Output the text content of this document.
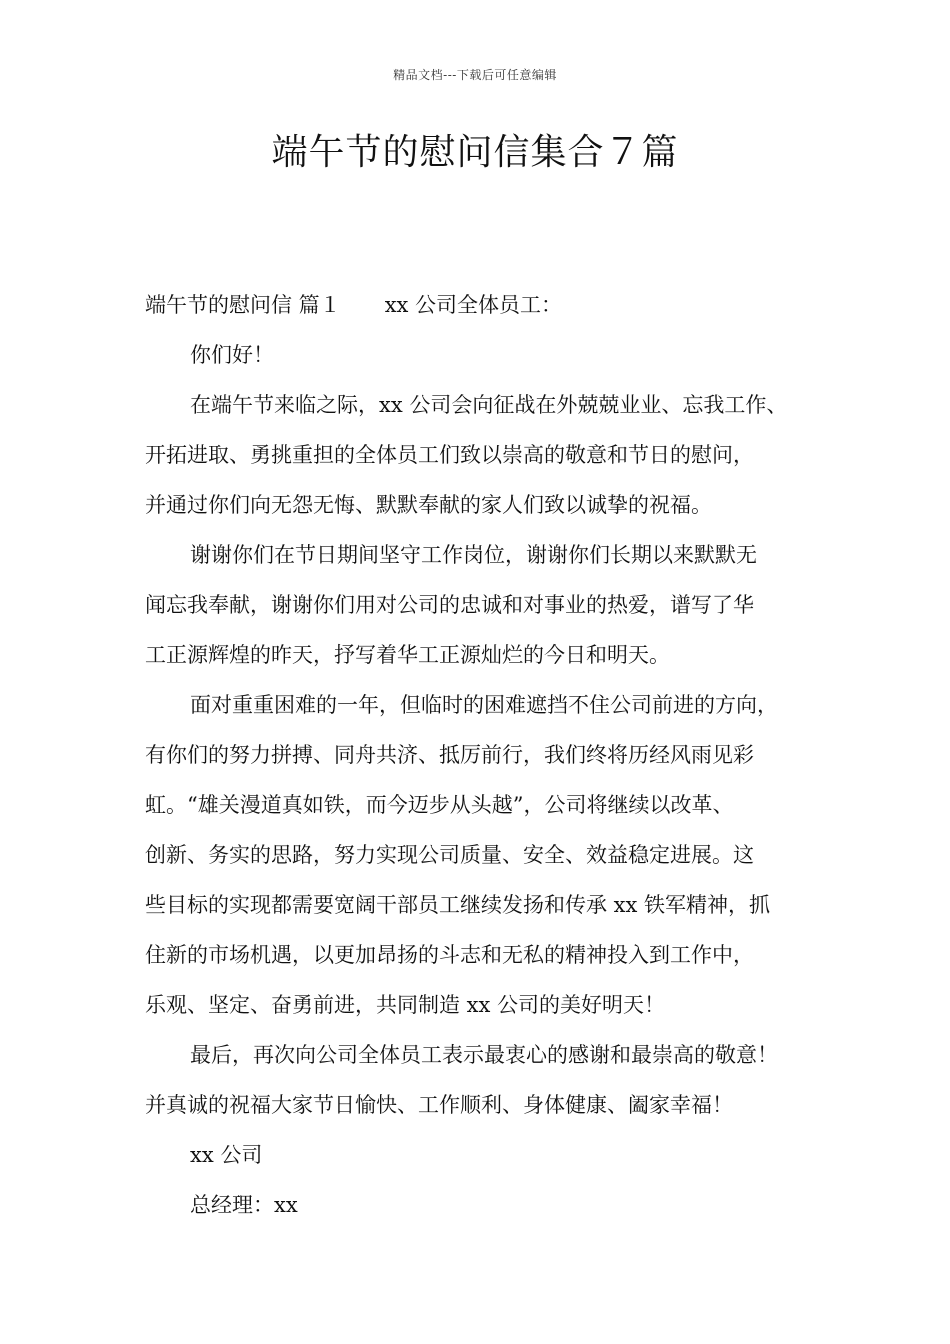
精品文档---下载后可任意编辑
端午节的慰问信集合７篇
端午节的慰问信 篇１ xx 公司全体员工：
你们好！
在端午节来临之际，xx 公司会向征战在外兢兢业业、忘我工作、
开拓进取、勇挑重担的全体员工们致以崇高的敬意和节日的慰问，
并通过你们向无怨无悔、默默奉献的家人们致以诚挚的祝福。
谢谢你们在节日期间坚守工作岗位，谢谢你们长期以来默默无
闻忘我奉献，谢谢你们用对公司的忠诚和对事业的热爱，谱写了华
工正源辉煌的昨天，抒写着华工正源灿烂的今日和明天。
面对重重困难的一年，但临时的困难遮挡不住公司前进的方向，
有你们的努力拼搏、同舟共济、抵厉前行，我们终将历经风雨见彩
虹。“雄关漫道真如铁，而今迈步从头越”，公司将继续以改革、
创新、务实的思路，努力实现公司质量、安全、效益稳定进展。这
些目标的实现都需要宽阔干部员工继续发扬和传承 xx 铁军精神，抓
住新的市场机遇，以更加昂扬的斗志和无私的精神投入到工作中，
乐观、坚定、奋勇前进，共同制造 xx 公司的美好明天！
最后，再次向公司全体员工表示最衷心的感谢和最崇高的敬意！
并真诚的祝福大家节日愉快、工作顺利、身体健康、阖家幸福！
xx 公司
总经理：xx
